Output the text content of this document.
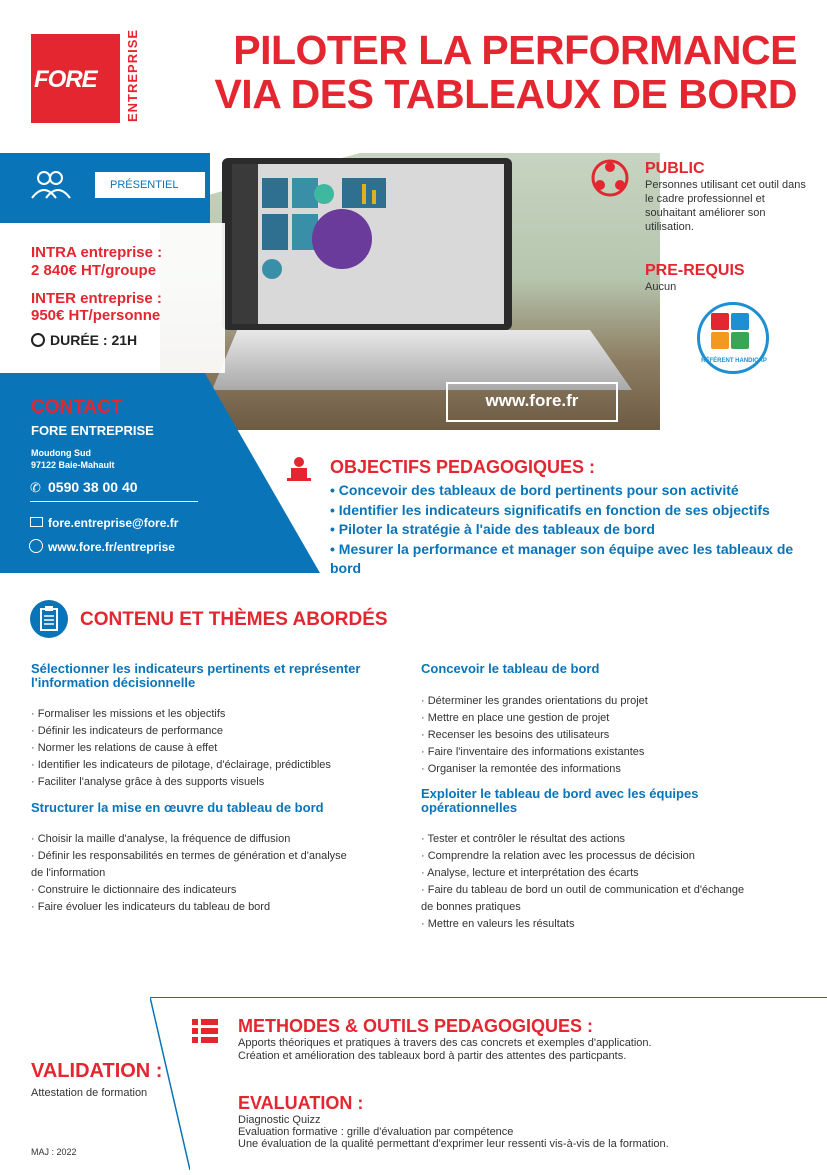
FORE ENTREPRISE	PILOTER LA PERFORMANCE
VIA DES TABLEAUX DE BORD
PRÉSENTIEL
INTRA entreprise :
2 840€ HT/groupe
INTER entreprise :
950€ HT/personne
DURÉE : 21H
www.fore.fr
CONTACT
FORE ENTREPRISE
Moudong Sud
97122 Baie-Mahault
✆ 0590 38 00 40
fore.entreprise@fore.fr
www.fore.fr/entreprise
PUBLIC
Personnes utilisant cet outil dans le cadre professionnel et souhaitant améliorer son utilisation.
PRE-REQUIS
Aucun
RÉFÉRENT HANDICAP
OBJECTIFS PEDAGOGIQUES :
• Concevoir des tableaux de bord pertinents pour son activité
• Identifier les indicateurs significatifs en fonction de ses objectifs
• Piloter la stratégie à l'aide des tableaux de bord
• Mesurer la performance et manager son équipe avec les tableaux de bord
CONTENU ET THÈMES ABORDÉS
Sélectionner les indicateurs pertinents et représenter l'information décisionnelle
· Formaliser les missions et les objectifs
· Définir les indicateurs de performance
· Normer les relations de cause à effet
· Identifier les indicateurs de pilotage, d'éclairage, prédictibles
· Faciliter l'analyse grâce à des supports visuels
Structurer la mise en œuvre du tableau de bord
· Choisir la maille d'analyse, la fréquence de diffusion
· Définir les responsabilités en termes de génération et d'analyse de l'information
· Construire le dictionnaire des indicateurs
· Faire évoluer les indicateurs du tableau de bord
Concevoir le tableau de bord
· Déterminer les grandes orientations du projet
· Mettre en place une gestion de projet
· Recenser les besoins des utilisateurs
· Faire l'inventaire des informations existantes
· Organiser la remontée des informations
Exploiter le tableau de bord avec les équipes opérationnelles
· Tester et contrôler le résultat des actions
· Comprendre la relation avec les processus de décision
· Analyse, lecture et interprétation des écarts
· Faire du tableau de bord un outil de communication et d'échange de bonnes pratiques
· Mettre en valeurs les résultats
METHODES & OUTILS PEDAGOGIQUES :
Apports théoriques et pratiques à travers des cas concrets et exemples d'application.
Création et amélioration des tableaux bord à partir des attentes des particpants.
VALIDATION :
Attestation de formation	EVALUATION :
Diagnostic Quizz
Evaluation formative : grille d'évaluation par compétence
Une évaluation de la qualité permettant d'exprimer leur ressenti vis-à-vis de la formation.
MAJ : 2022
